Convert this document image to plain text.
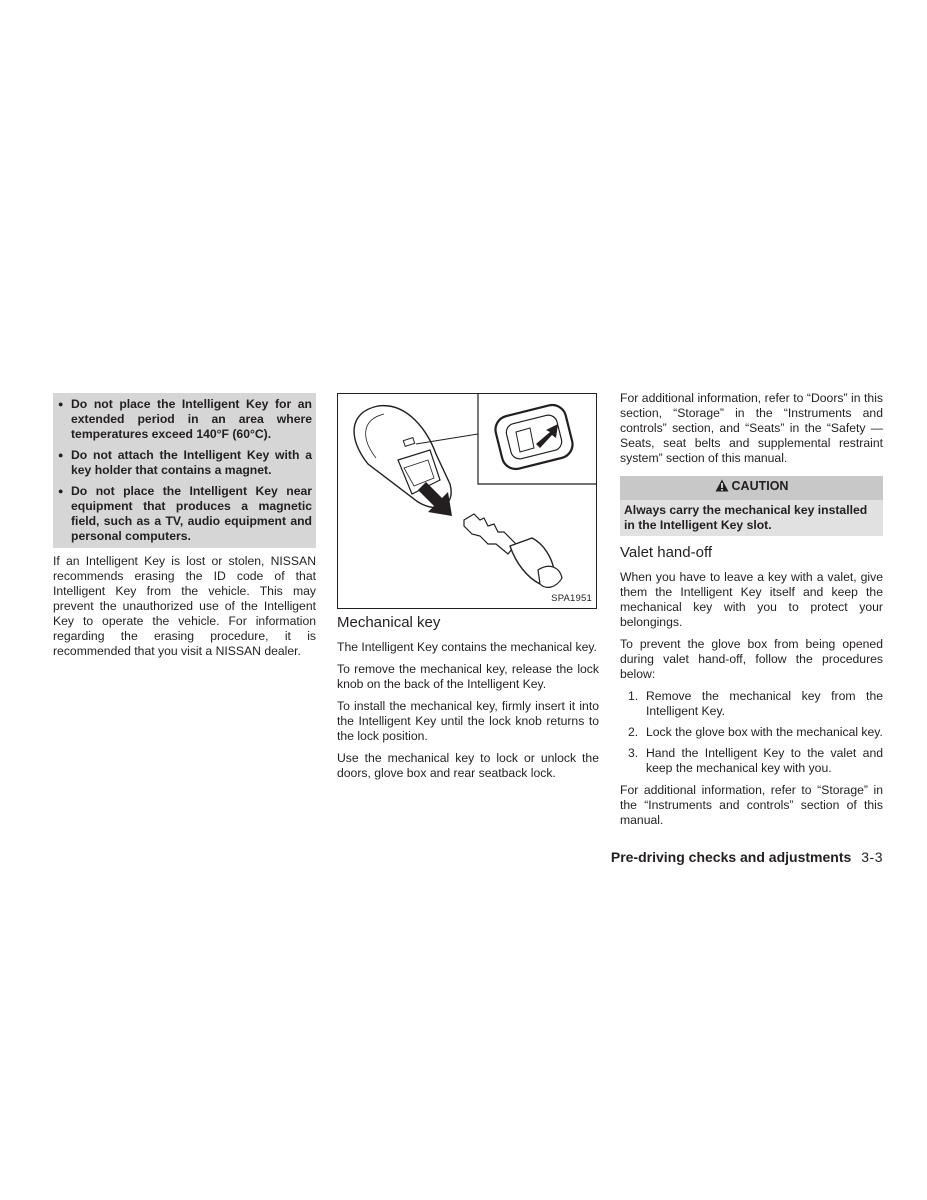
● Do not place the Intelligent Key for an extended period in an area where temperatures exceed 140°F (60°C).
● Do not attach the Intelligent Key with a key holder that contains a magnet.
● Do not place the Intelligent Key near equipment that produces a magnetic field, such as a TV, audio equipment and personal computers.

If an Intelligent Key is lost or stolen, NISSAN recommends erasing the ID code of that Intelligent Key from the vehicle. This may prevent the unauthorized use of the Intelligent Key to operate the vehicle. For information regarding the erasing procedure, it is recommended that you visit a NISSAN dealer.

SPA1951
Mechanical key

The Intelligent Key contains the mechanical key.

To remove the mechanical key, release the lock knob on the back of the Intelligent Key.

To install the mechanical key, firmly insert it into the Intelligent Key until the lock knob returns to the lock position.

Use the mechanical key to lock or unlock the doors, glove box and rear seatback lock.

For additional information, refer to “Doors” in this section, “Storage” in the “Instruments and controls” section, and “Seats” in the “Safety — Seats, seat belts and supplemental restraint system” section of this manual.

CAUTION
Always carry the mechanical key installed in the Intelligent Key slot.
Valet hand-off

When you have to leave a key with a valet, give them the Intelligent Key itself and keep the mechanical key with you to protect your belongings.

To prevent the glove box from being opened during valet hand-off, follow the procedures below:

1. Remove the mechanical key from the Intelligent Key.
2. Lock the glove box with the mechanical key.
3. Hand the Intelligent Key to the valet and keep the mechanical key with you.

For additional information, refer to “Storage” in the “Instruments and controls” section of this manual.

Pre-driving checks and adjustments 3-3
